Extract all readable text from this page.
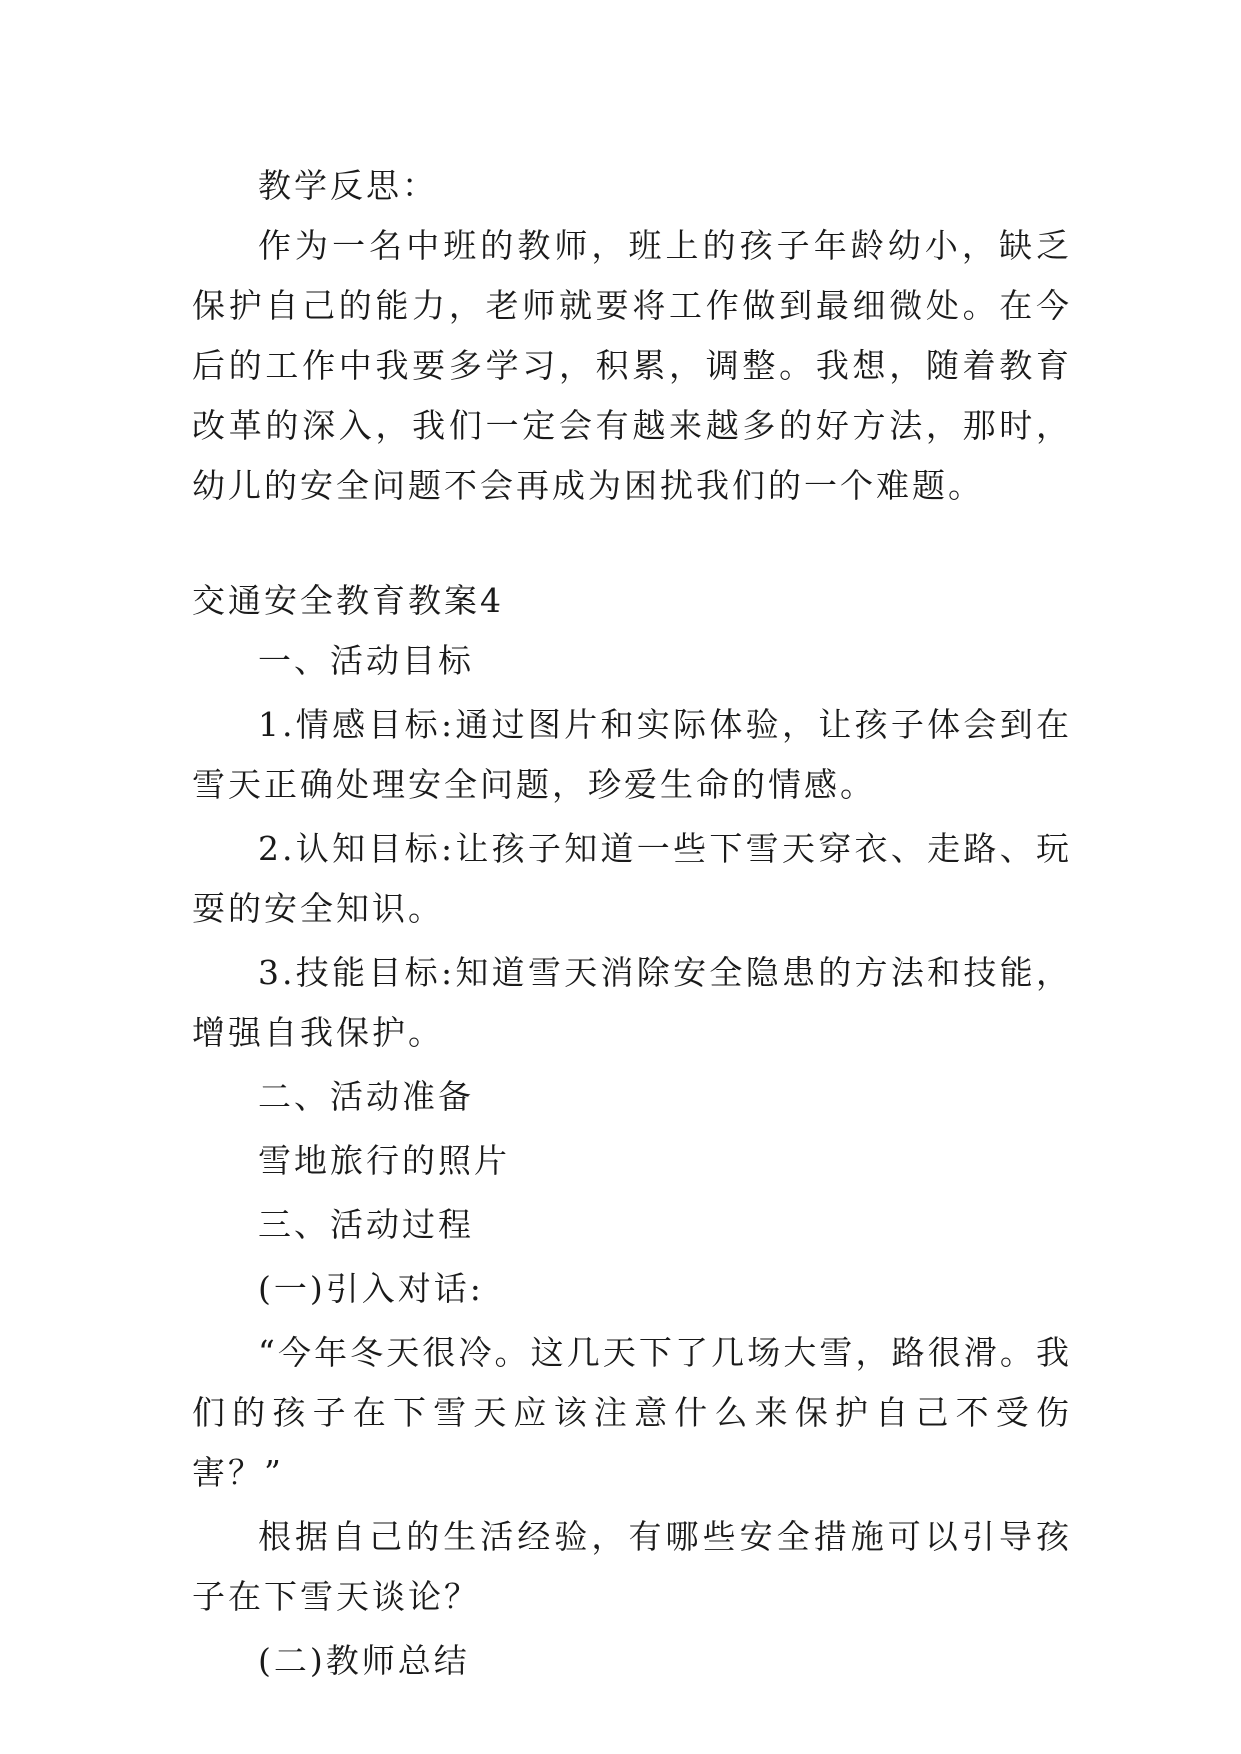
教学反思：

作为一名中班的教师，班上的孩子年龄幼小，缺乏保护自己的能力，老师就要将工作做到最细微处。在今后的工作中我要多学习，积累，调整。我想，随着教育改革的深入，我们一定会有越来越多的好方法，那时，幼儿的安全问题不会再成为困扰我们的一个难题。

交通安全教育教案4

一、活动目标

1.情感目标:通过图片和实际体验，让孩子体会到在雪天正确处理安全问题，珍爱生命的情感。

2.认知目标:让孩子知道一些下雪天穿衣、走路、玩耍的安全知识。

3.技能目标:知道雪天消除安全隐患的方法和技能，增强自我保护。

二、活动准备

雪地旅行的照片

三、活动过程

(一)引入对话:

“今年冬天很冷。这几天下了几场大雪，路很滑。我们的孩子在下雪天应该注意什么来保护自己不受伤害？”

根据自己的生活经验，有哪些安全措施可以引导孩子在下雪天谈论？

(二)教师总结
